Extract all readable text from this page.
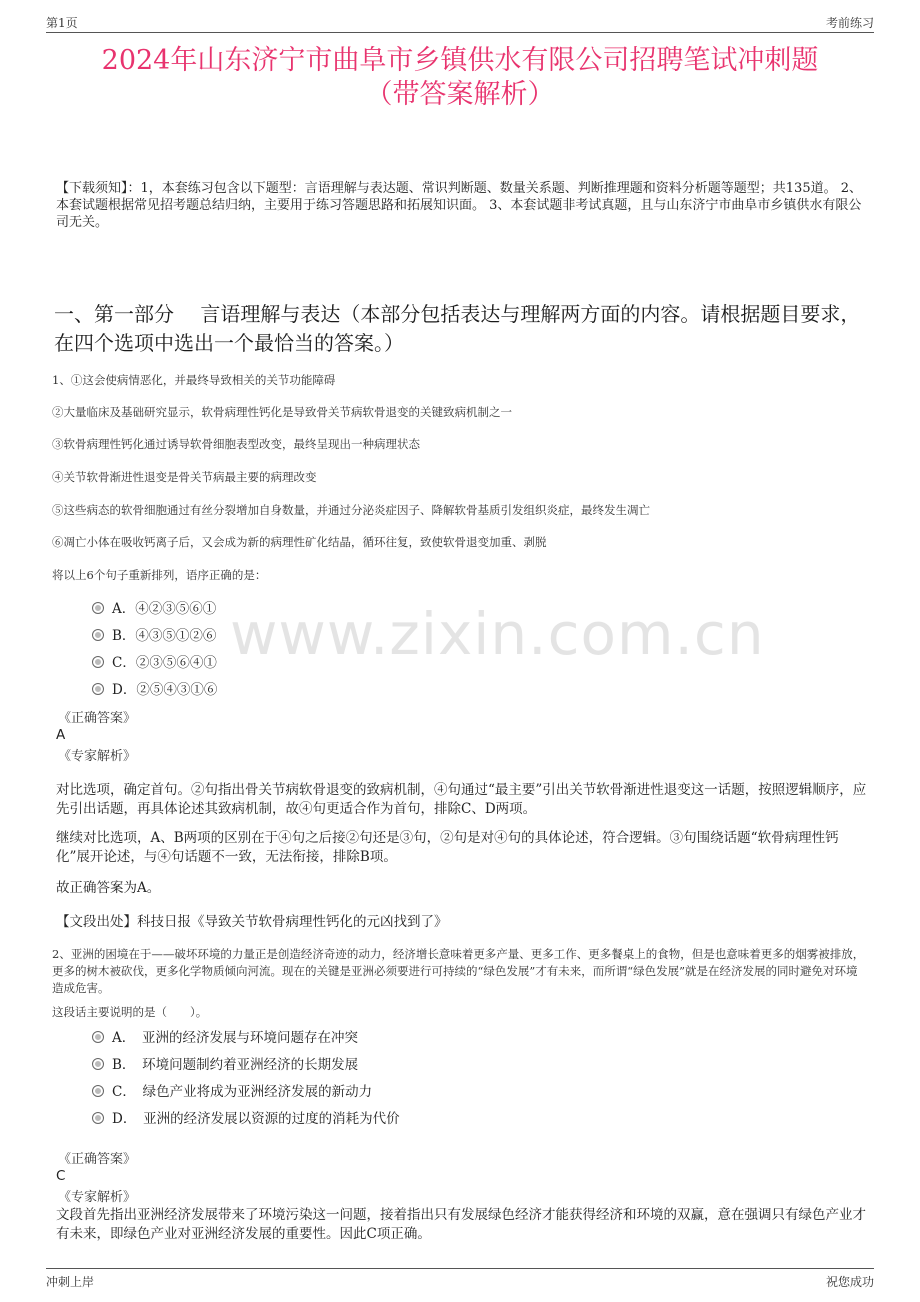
第1页	考前练习
2024年山东济宁市曲阜市乡镇供水有限公司招聘笔试冲刺题
（带答案解析）
【下载须知】：1，本套练习包含以下题型：言语理解与表达题、常识判断题、数量关系题、判断推理题和资料分析题等题型；共135道。 2、本套试题根据常见招考题总结归纳，主要用于练习答题思路和拓展知识面。 3、本套试题非考试真题，且与山东济宁市曲阜市乡镇供水有限公司无关。
一、第一部分　 言语理解与表达（本部分包括表达与理解两方面的内容。请根据题目要求，在四个选项中选出一个最恰当的答案。）
1、①这会使病情恶化，并最终导致相关的关节功能障碍
②大量临床及基础研究显示，软骨病理性钙化是导致骨关节病软骨退变的关键致病机制之一
③软骨病理性钙化通过诱导软骨细胞表型改变，最终呈现出一种病理状态
④关节软骨渐进性退变是骨关节病最主要的病理改变
⑤这些病态的软骨细胞通过有丝分裂增加自身数量，并通过分泌炎症因子、降解软骨基质引发组织炎症，最终发生凋亡
⑥凋亡小体在吸收钙离子后，又会成为新的病理性矿化结晶，循环往复，致使软骨退变加重、剥脱
将以上6个句子重新排列，语序正确的是：
A．④②③⑤⑥①
B．④③⑤①②⑥
C．②③⑤⑥④①
D．②⑤④③①⑥
www.zixin.com.cn
《正确答案》
A
《专家解析》
对比选项，确定首句。②句指出骨关节病软骨退变的致病机制，④句通过“最主要”引出关节软骨渐进性退变这一话题，按照逻辑顺序，应先引出话题，再具体论述其致病机制，故④句更适合作为首句，排除C、D两项。
继续对比选项，A、B两项的区别在于④句之后接②句还是③句，②句是对④句的具体论述，符合逻辑。③句围绕话题“软骨病理性钙化”展开论述，与④句话题不一致，无法衔接，排除B项。
故正确答案为A。
【文段出处】科技日报《导致关节软骨病理性钙化的元凶找到了》
2、亚洲的困境在于——破坏环境的力量正是创造经济奇迹的动力，经济增长意味着更多产量、更多工作、更多餐桌上的食物，但是也意味着更多的烟雾被排放，更多的树木被砍伐，更多化学物质倾向河流。现在的关键是亚洲必须要进行可持续的“绿色发展”才有未来，而所谓“绿色发展”就是在经济发展的同时避免对环境造成危害。
这段话主要说明的是（　　）。
A．　亚洲的经济发展与环境问题存在冲突
B．　环境问题制约着亚洲经济的长期发展
C．　绿色产业将成为亚洲经济发展的新动力
D．　亚洲的经济发展以资源的过度的消耗为代价
《正确答案》
C
《专家解析》
文段首先指出亚洲经济发展带来了环境污染这一问题，接着指出只有发展绿色经济才能获得经济和环境的双赢，意在强调只有绿色产业才有未来，即绿色产业对亚洲经济发展的重要性。因此C项正确。
冲刺上岸	祝您成功
